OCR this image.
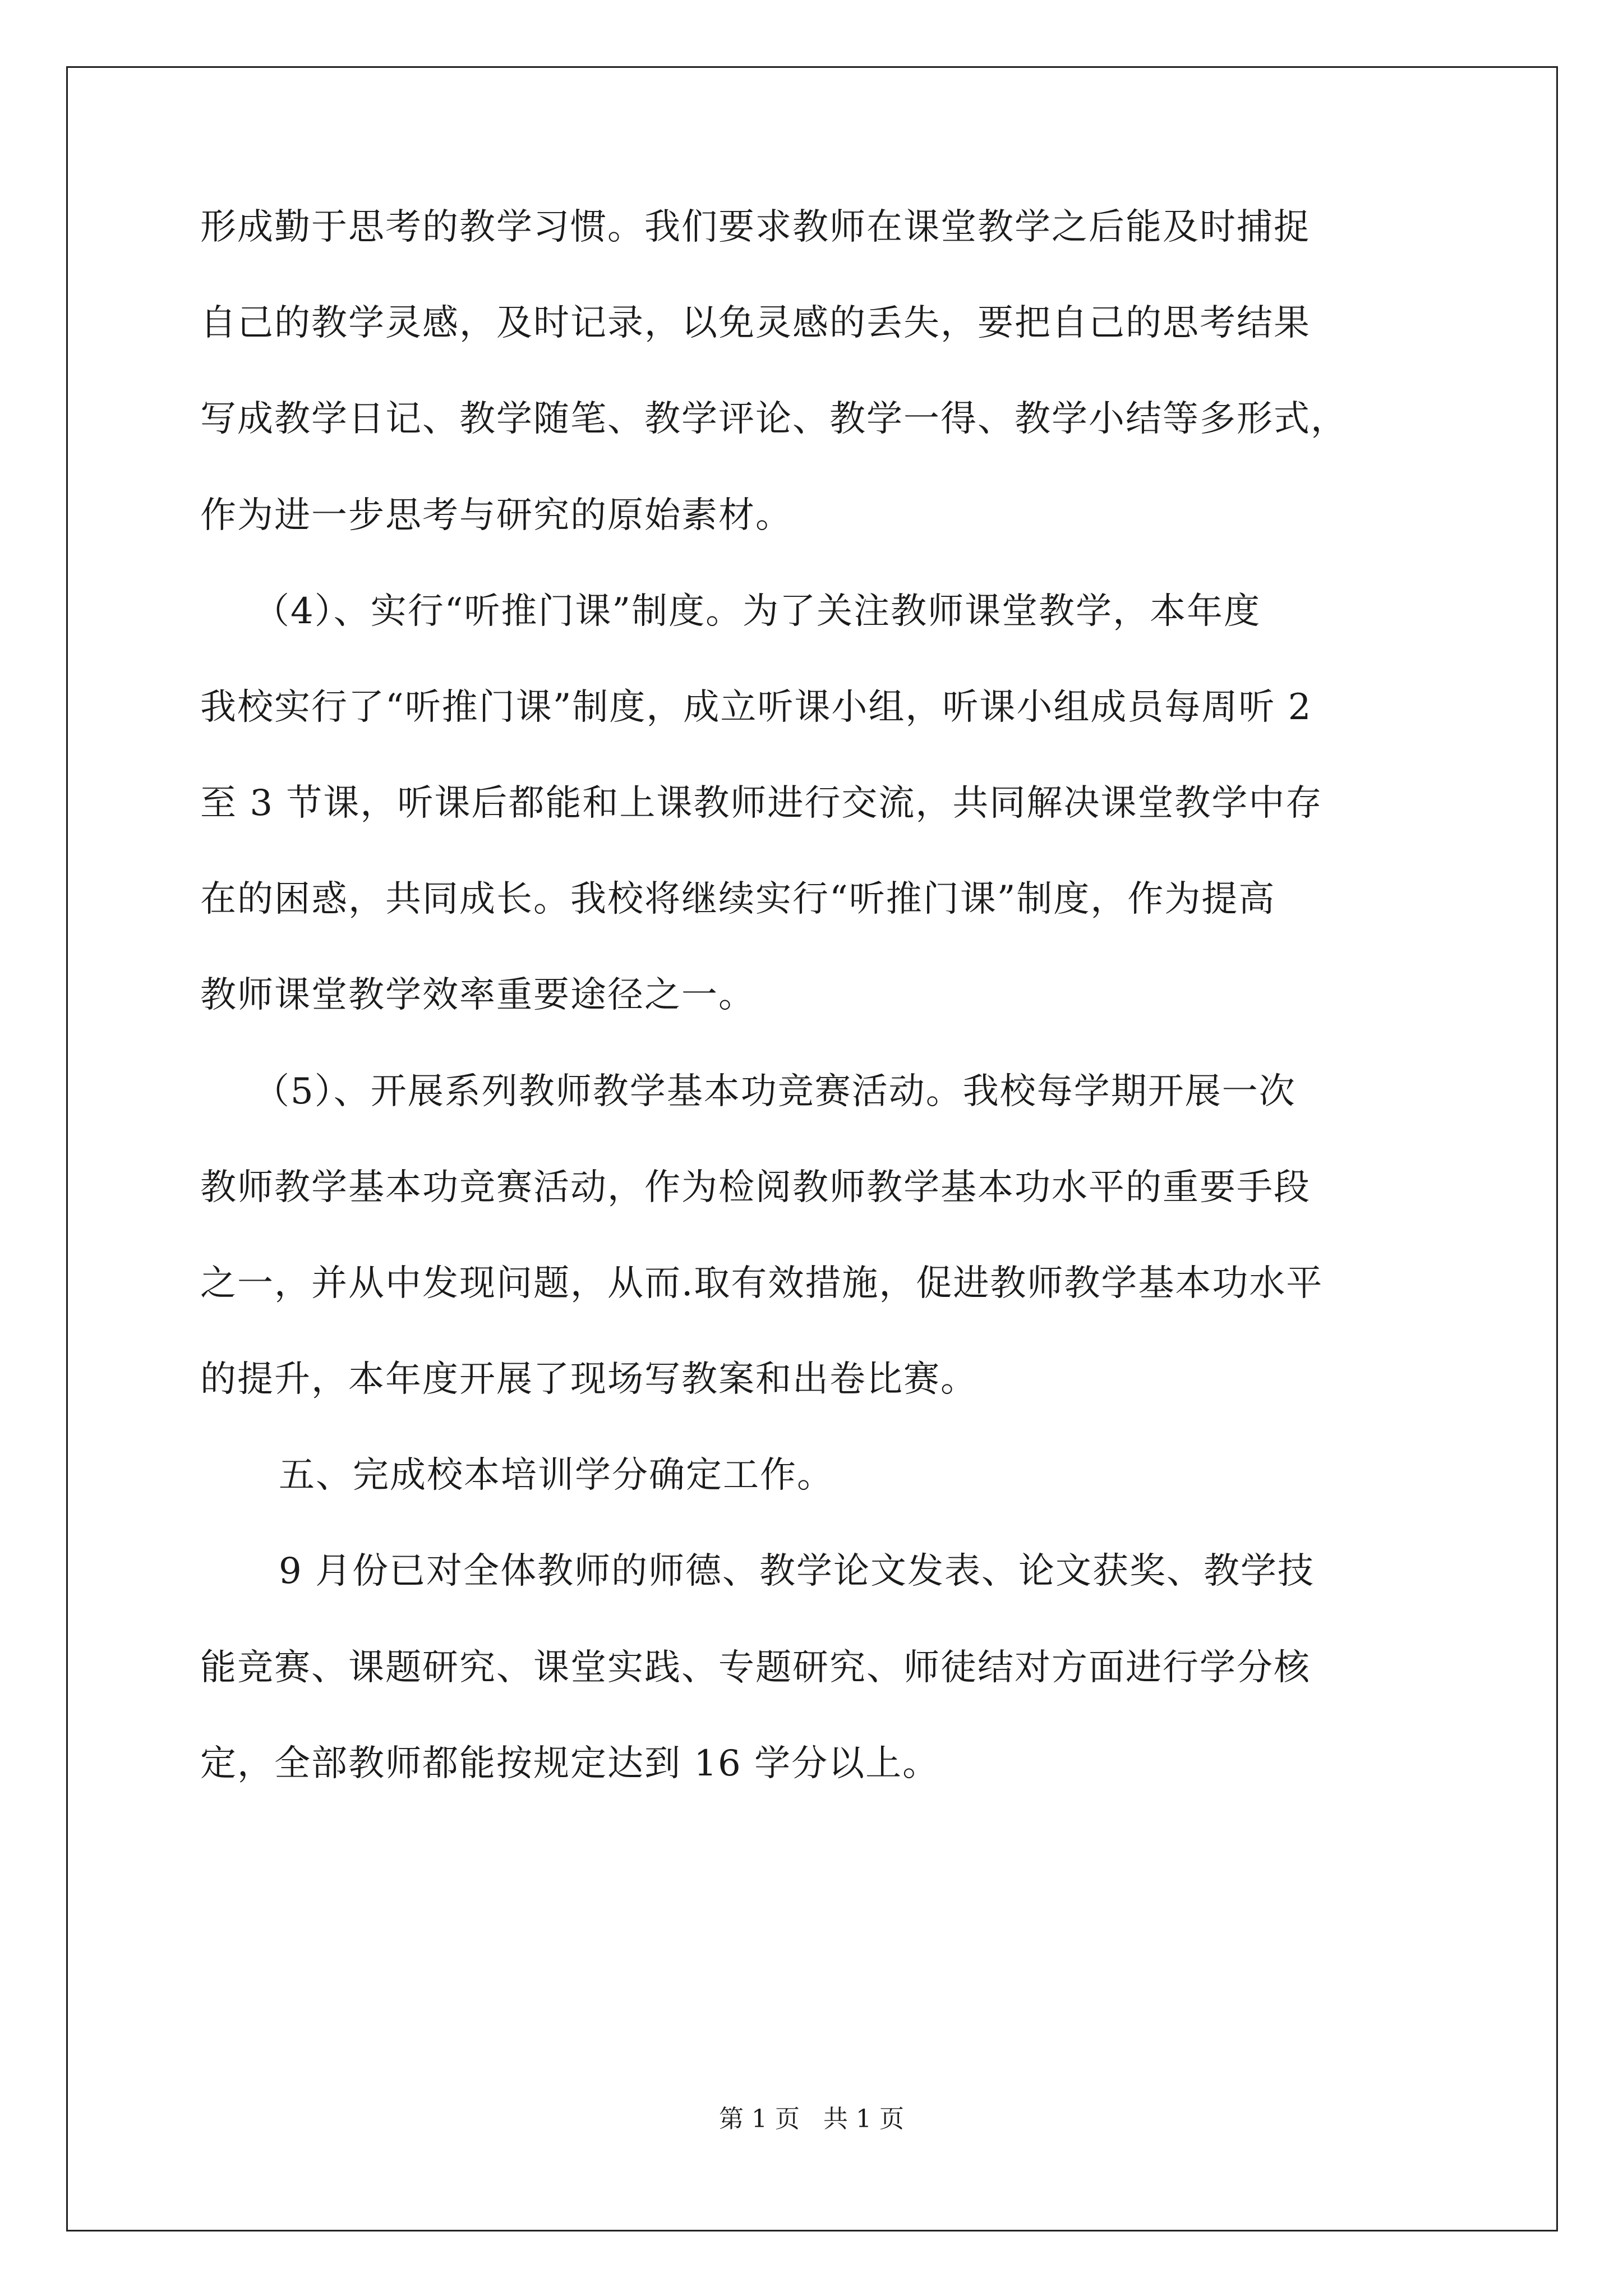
形成勤于思考的教学习惯。我们要求教师在课堂教学之后能及时捕捉
自己的教学灵感，及时记录，以免灵感的丢失，要把自己的思考结果
写成教学日记、教学随笔、教学评论、教学一得、教学小结等多形式，
作为进一步思考与研究的原始素材。
（4）、实行“听推门课”制度。为了关注教师课堂教学，本年度
我校实行了“听推门课”制度，成立听课小组，听课小组成员每周听 2
至 3 节课，听课后都能和上课教师进行交流，共同解决课堂教学中存
在的困惑，共同成长。我校将继续实行“听推门课”制度，作为提高
教师课堂教学效率重要途径之一。
（5）、开展系列教师教学基本功竞赛活动。我校每学期开展一次
教师教学基本功竞赛活动，作为检阅教师教学基本功水平的重要手段
之一，并从中发现问题，从而.取有效措施，促进教师教学基本功水平
的提升，本年度开展了现场写教案和出卷比赛。
五、完成校本培训学分确定工作。
9 月份已对全体教师的师德、教学论文发表、论文获奖、教学技
能竞赛、课题研究、课堂实践、专题研究、师徒结对方面进行学分核
定，全部教师都能按规定达到 16 学分以上。
第 1 页   共 1 页
